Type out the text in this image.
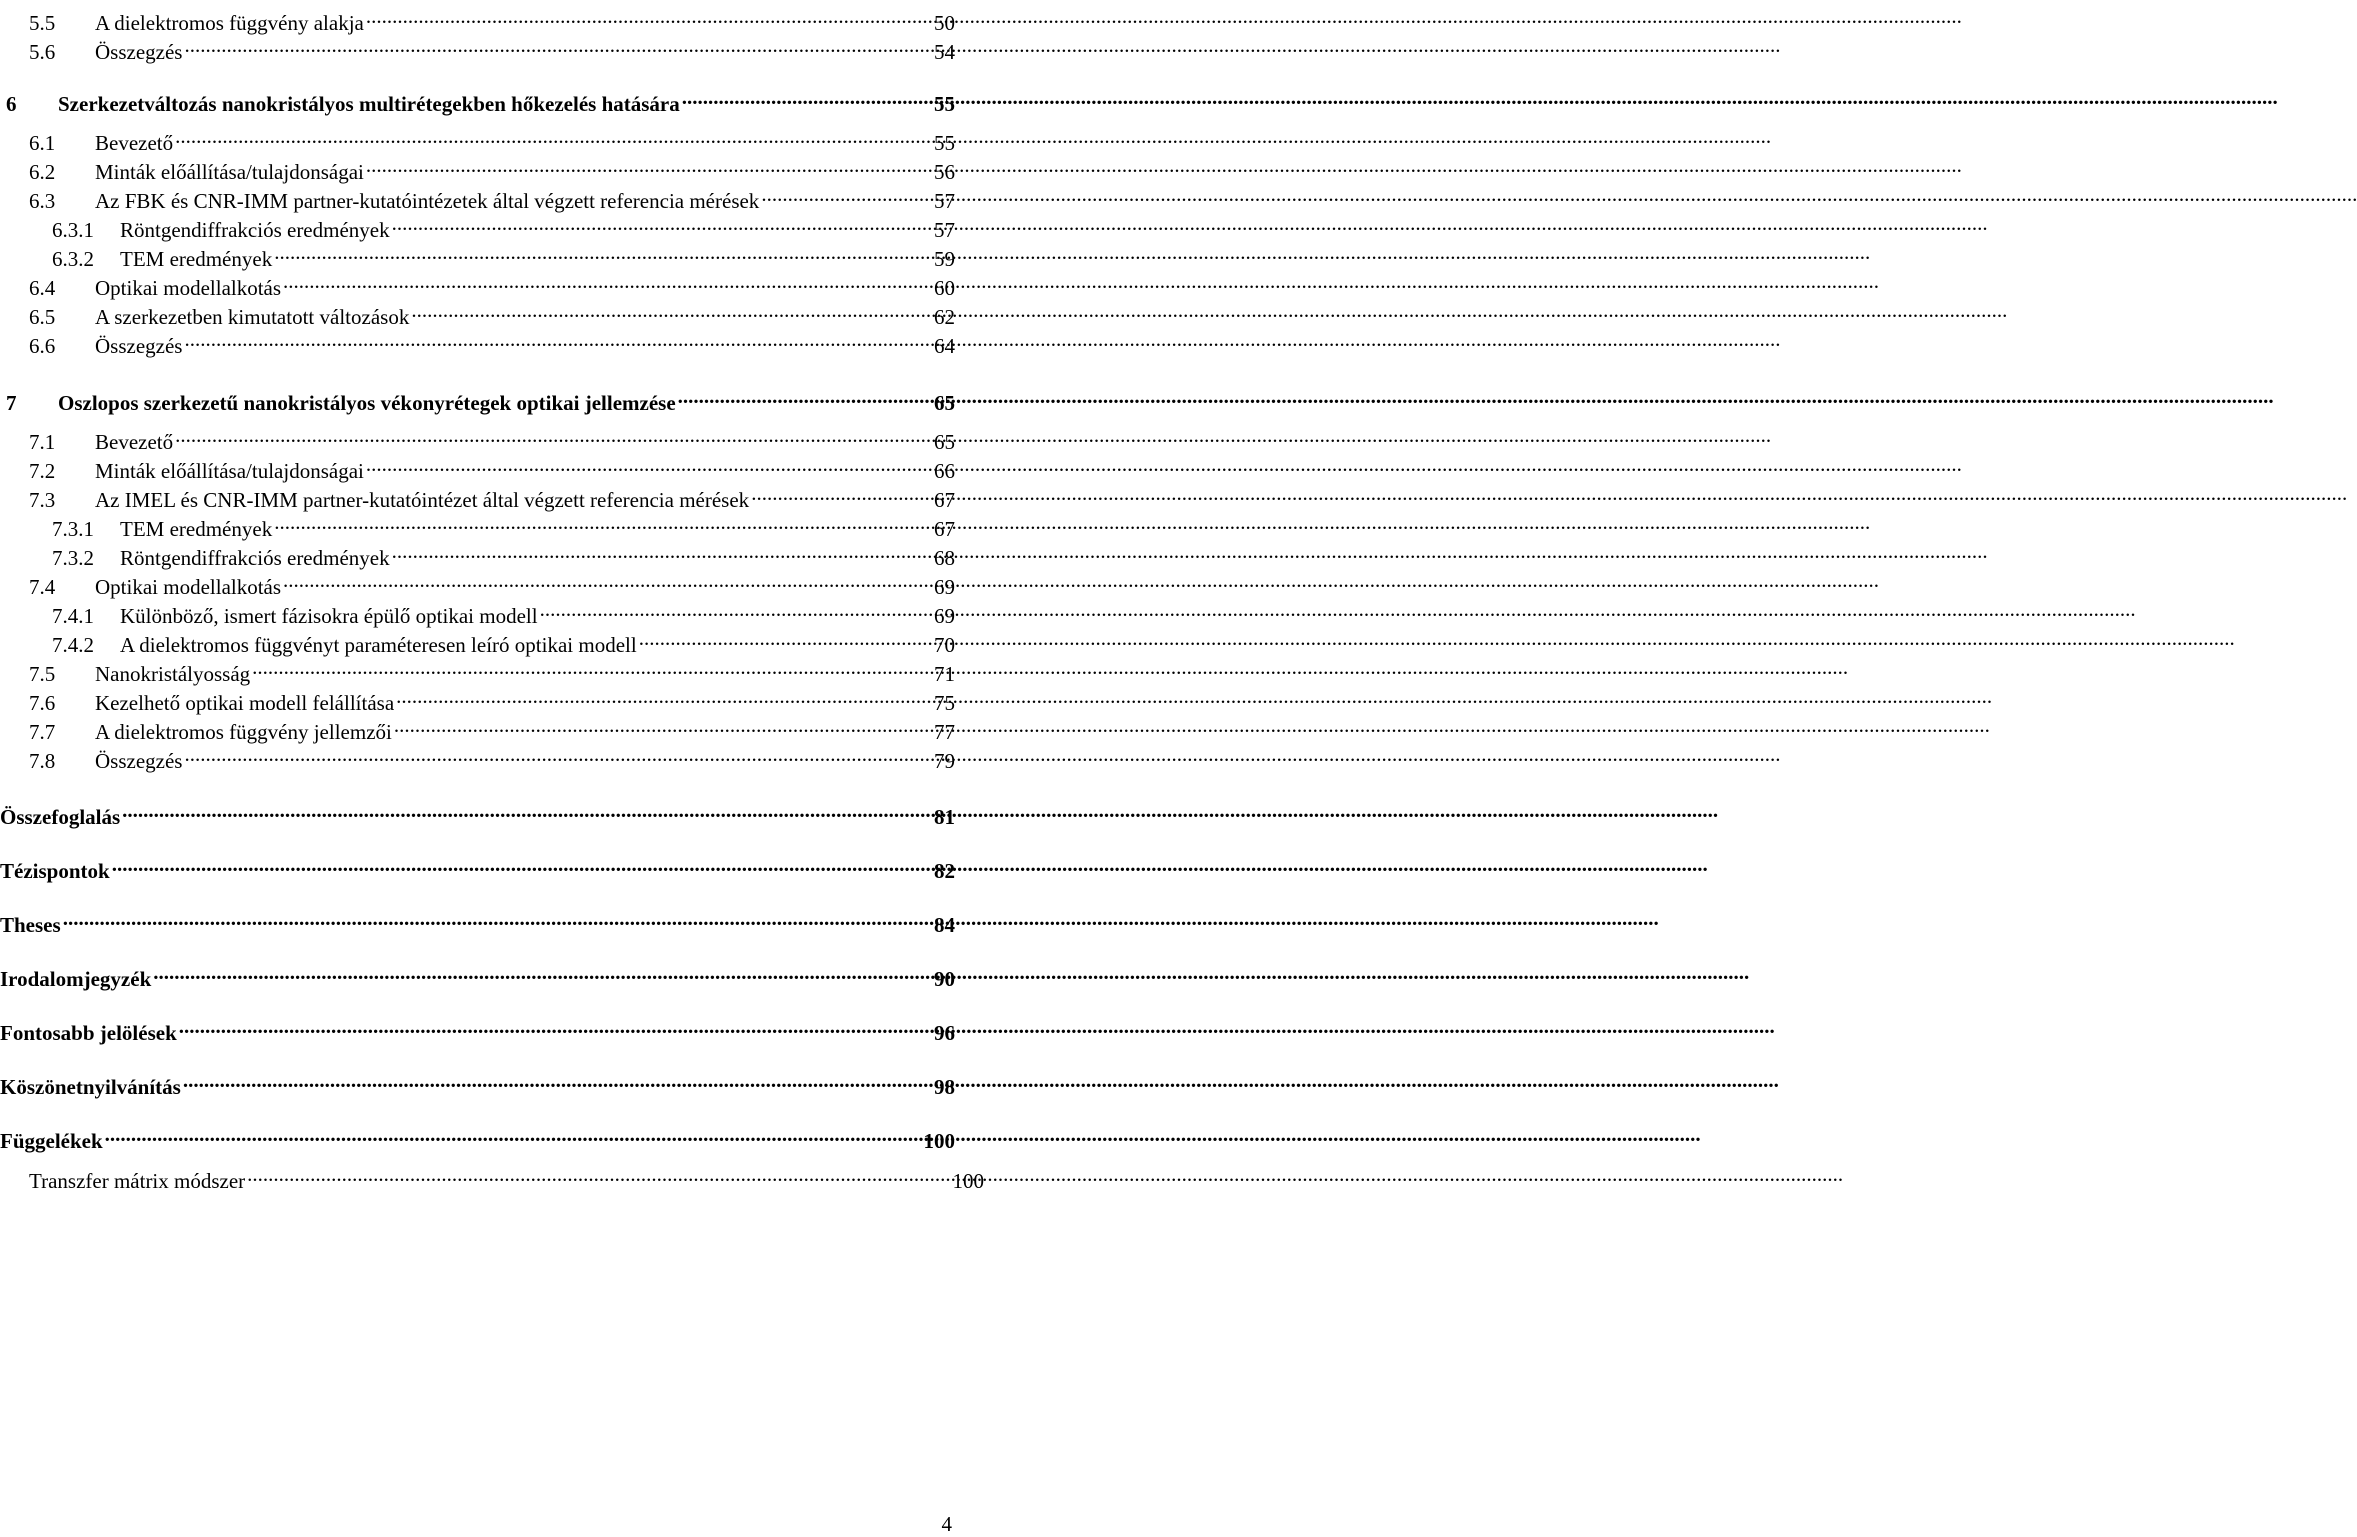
5.5	A dielektromos függvény alakja .....	50
5.6	Összegzés .....	54
6	Szerkezetváltozás nanokristályos multirétegekben hőkezelés hatására .....	55
6.1	Bevezető .....	55
6.2	Minták előállítása/tulajdonságai .....	56
6.3	Az FBK és CNR-IMM partner-kutatóintézetek által végzett referencia mérések .....	57
6.3.1	Röntgendiffrakciós eredmények .....	57
6.3.2	TEM eredmények .....	59
6.4	Optikai modellalkotás .....	60
6.5	A szerkezetben kimutatott változások .....	62
6.6	Összegzés .....	64
7	Oszlopos szerkezetű nanokristályos vékonyrétegek optikai jellemzése .....	65
7.1	Bevezető .....	65
7.2	Minták előállítása/tulajdonságai .....	66
7.3	Az IMEL és CNR-IMM partner-kutatóintézet által végzett referencia mérések .....	67
7.3.1	TEM eredmények .....	67
7.3.2	Röntgendiffrakciós eredmények .....	68
7.4	Optikai modellalkotás .....	69
7.4.1	Különböző, ismert fázisokra épülő optikai modell .....	69
7.4.2	A dielektromos függvényt paraméteresen leíró optikai modell .....	70
7.5	Nanokristályosság .....	71
7.6	Kezelhető optikai modell felállítása .....	75
7.7	A dielektromos függvény jellemzői .....	77
7.8	Összegzés .....	79
Összefoglalás .....	81
Tézispontok .....	82
Theses .....	84
Irodalomjegyzék .....	90
Fontosabb jelölések .....	96
Köszönetnyilvánítás .....	98
Függelékek .....	100
Transzfer mátrix módszer .....	100
4
